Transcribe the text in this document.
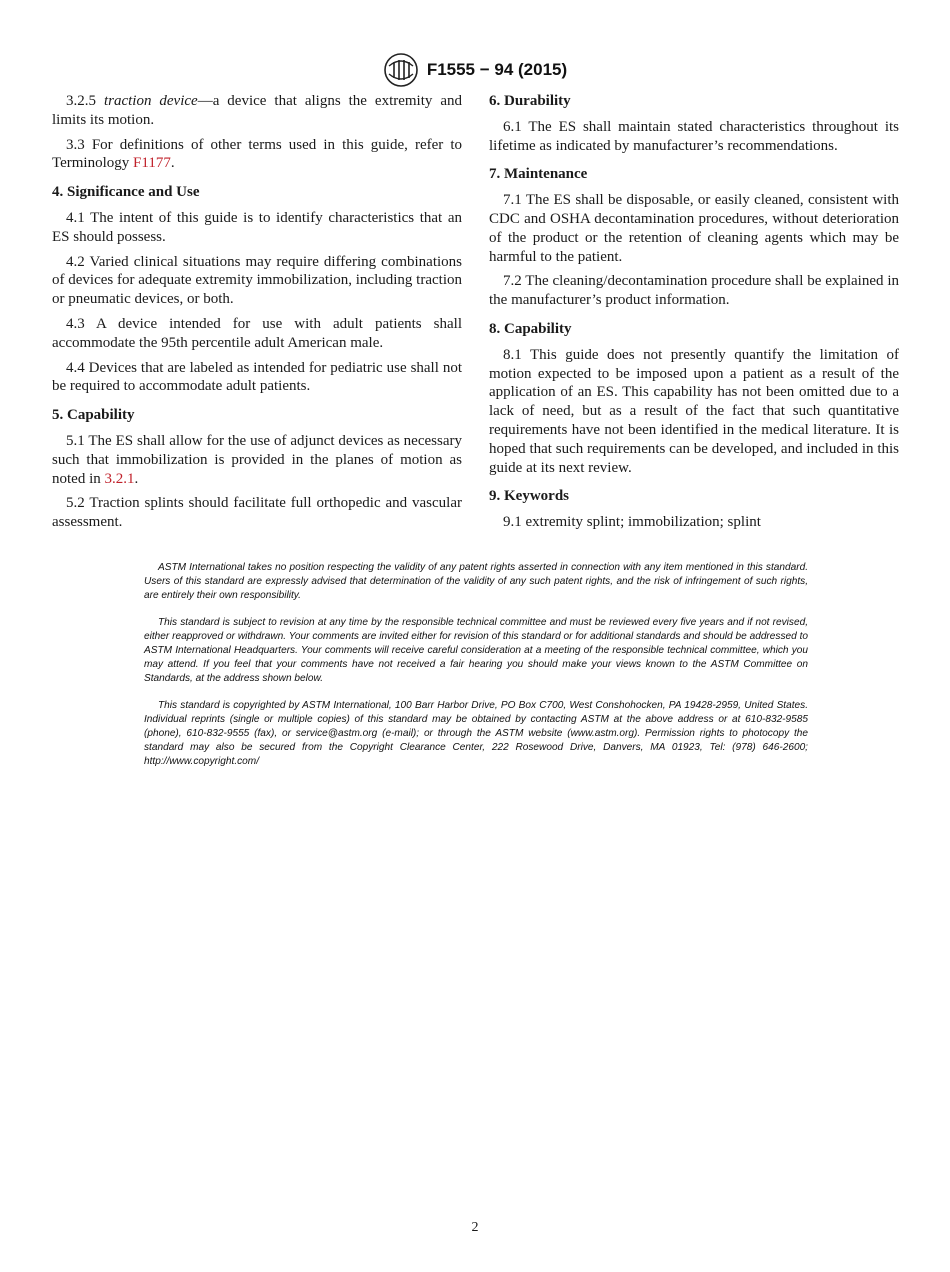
F1555 − 94 (2015)

3.2.5 traction device—a device that aligns the extremity and limits its motion.

3.3 For definitions of other terms used in this guide, refer to Terminology F1177.

4. Significance and Use

4.1 The intent of this guide is to identify characteristics that an ES should possess.

4.2 Varied clinical situations may require differing combinations of devices for adequate extremity immobilization, including traction or pneumatic devices, or both.

4.3 A device intended for use with adult patients shall accommodate the 95th percentile adult American male.

4.4 Devices that are labeled as intended for pediatric use shall not be required to accommodate adult patients.

5. Capability

5.1 The ES shall allow for the use of adjunct devices as necessary such that immobilization is provided in the planes of motion as noted in 3.2.1.

5.2 Traction splints should facilitate full orthopedic and vascular assessment.

6. Durability

6.1 The ES shall maintain stated characteristics throughout its lifetime as indicated by manufacturer’s recommendations.

7. Maintenance

7.1 The ES shall be disposable, or easily cleaned, consistent with CDC and OSHA decontamination procedures, without deterioration of the product or the retention of cleaning agents which may be harmful to the patient.

7.2 The cleaning/decontamination procedure shall be explained in the manufacturer’s product information.

8. Capability

8.1 This guide does not presently quantify the limitation of motion expected to be imposed upon a patient as a result of the application of an ES. This capability has not been omitted due to a lack of need, but as a result of the fact that such quantitative requirements have not been identified in the medical literature. It is hoped that such requirements can be developed, and included in this guide at its next review.

9. Keywords

9.1 extremity splint; immobilization; splint

ASTM International takes no position respecting the validity of any patent rights asserted in connection with any item mentioned in this standard. Users of this standard are expressly advised that determination of the validity of any such patent rights, and the risk of infringement of such rights, are entirely their own responsibility.

This standard is subject to revision at any time by the responsible technical committee and must be reviewed every five years and if not revised, either reapproved or withdrawn. Your comments are invited either for revision of this standard or for additional standards and should be addressed to ASTM International Headquarters. Your comments will receive careful consideration at a meeting of the responsible technical committee, which you may attend. If you feel that your comments have not received a fair hearing you should make your views known to the ASTM Committee on Standards, at the address shown below.

This standard is copyrighted by ASTM International, 100 Barr Harbor Drive, PO Box C700, West Conshohocken, PA 19428-2959, United States. Individual reprints (single or multiple copies) of this standard may be obtained by contacting ASTM at the above address or at 610-832-9585 (phone), 610-832-9555 (fax), or service@astm.org (e-mail); or through the ASTM website (www.astm.org). Permission rights to photocopy the standard may also be secured from the Copyright Clearance Center, 222 Rosewood Drive, Danvers, MA 01923, Tel: (978) 646-2600; http://www.copyright.com/

2
